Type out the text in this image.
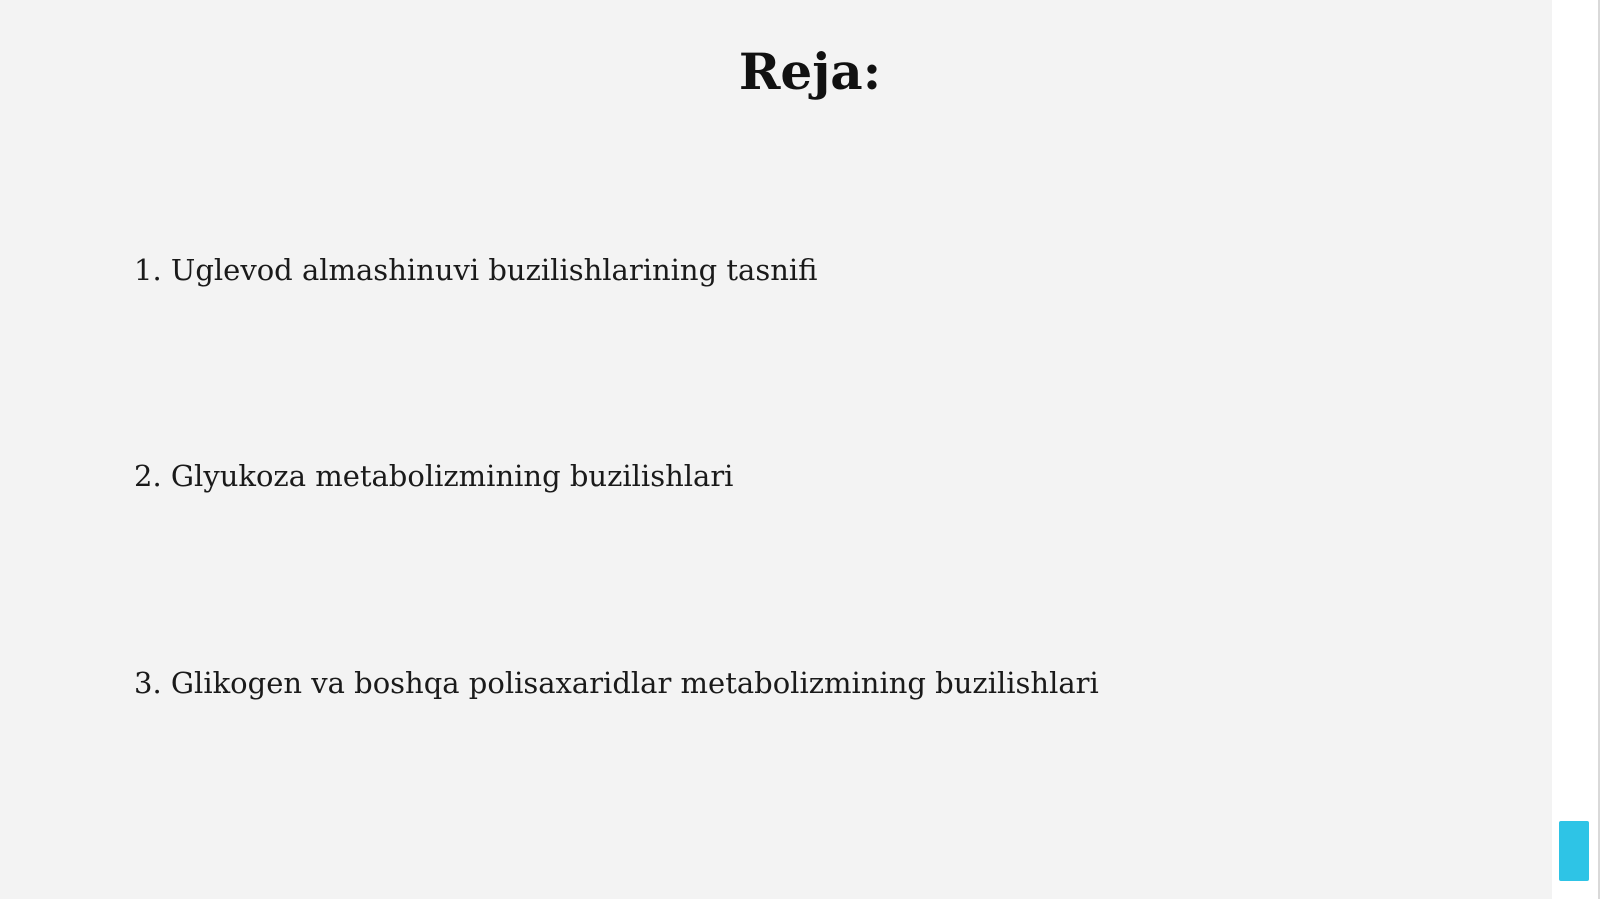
Reja:
1. Uglevod almashinuvi buzilishlarining tasnifi
2. Glyukoza metabolizmining buzilishlari
3. Glikogen va boshqa polisaxaridlar metabolizmining buzilishlari
